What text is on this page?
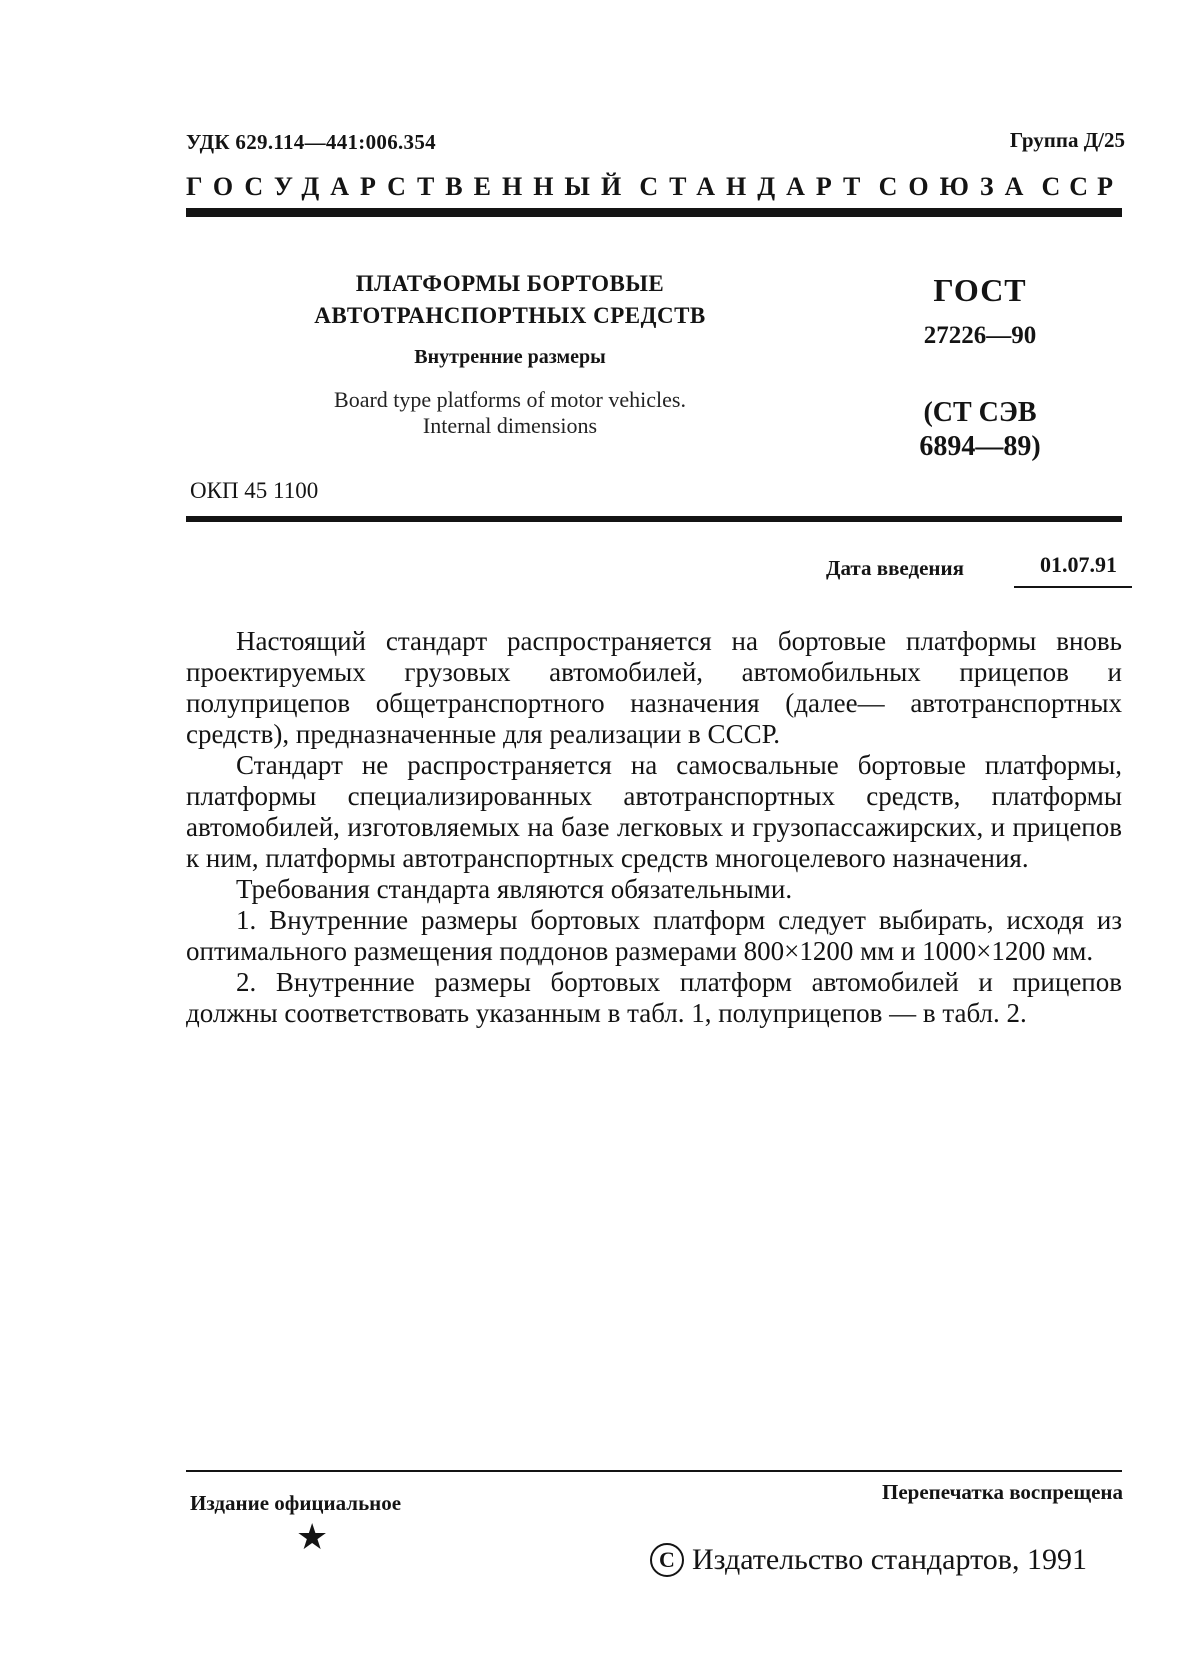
УДК 629.114—441:006.354	Группа Д/25
ГОСУДАРСТВЕННЫЙ СТАНДАРТ СОЮЗА ССР
ПЛАТФОРМЫ БОРТОВЫЕ
АВТОТРАНСПОРТНЫХ СРЕДСТВ
Внутренние размеры
Board type platforms of motor vehicles.
Internal dimensions
ГОСТ
27226—90
(СТ СЭВ
6894—89)
ОКП 45 1100
Дата введения	01.07.91

Настоящий стандарт распространяется на бортовые платформы вновь проектируемых грузовых автомобилей, автомобильных прицепов и полуприцепов общетранспортного назначения (далее— автотранспортных средств), предназначенные для реализации в СССР.

Стандарт не распространяется на самосвальные бортовые платформы, платформы специализированных автотранспортных средств, платформы автомобилей, изготовляемых на базе легковых и грузопассажирских, и прицепов к ним, платформы автотранспортных средств многоцелевого назначения.

Требования стандарта являются обязательными.

1. Внутренние размеры бортовых платформ следует выбирать, исходя из оптимального размещения поддонов размерами 800×1200 мм и 1000×1200 мм.

2. Внутренние размеры бортовых платформ автомобилей и прицепов должны соответствовать указанным в табл. 1, полуприцепов — в табл. 2.

Издание официальное	Перепечатка воспрещена
★
C Издательство стандартов, 1991
